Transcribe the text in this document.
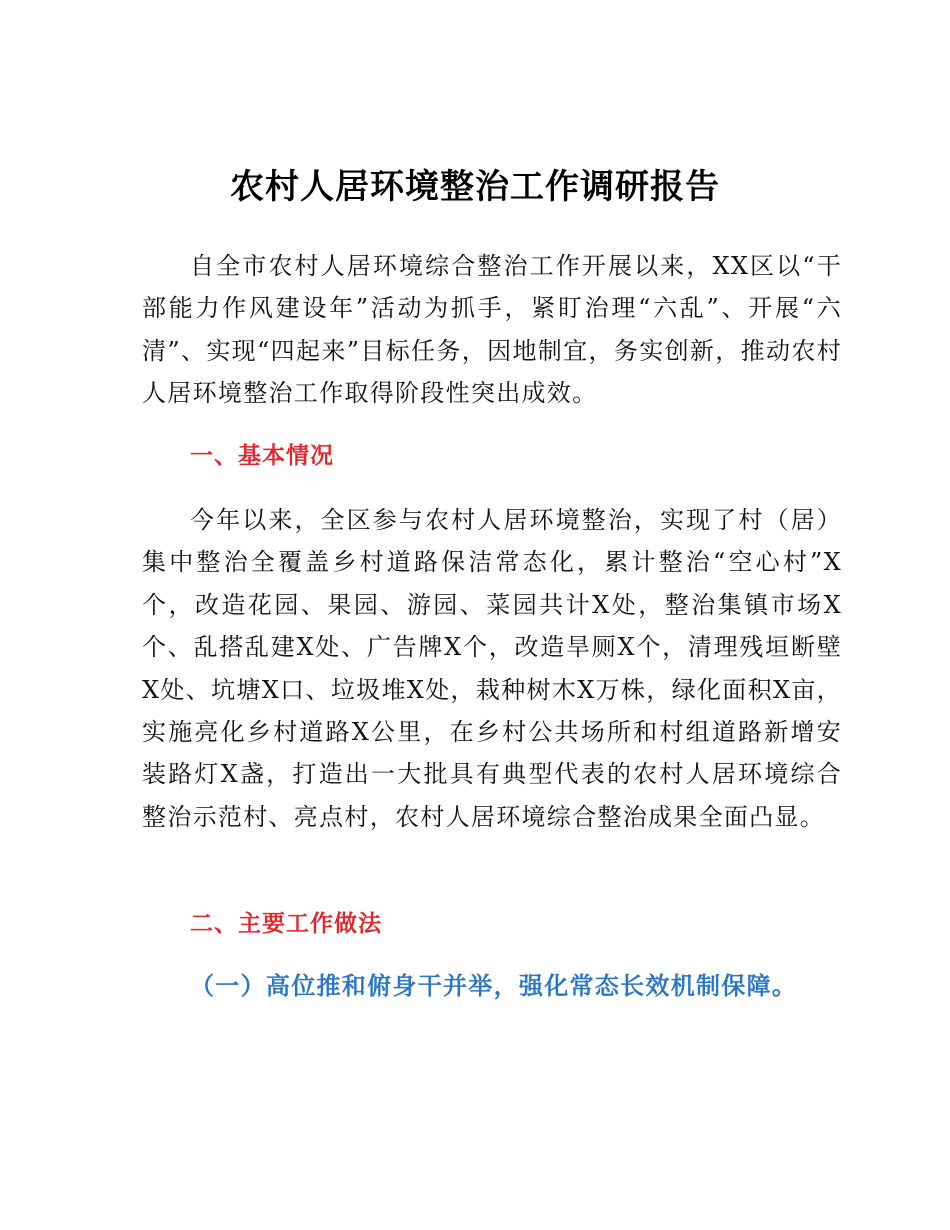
农村人居环境整治工作调研报告

自全市农村人居环境综合整治工作开展以来，XX区以“干部能力作风建设年”活动为抓手，紧盯治理“六乱”、开展“六清”、实现“四起来”目标任务，因地制宜，务实创新，推动农村人居环境整治工作取得阶段性突出成效。

一、基本情况

今年以来，全区参与农村人居环境整治，实现了村（居）集中整治全覆盖乡村道路保洁常态化，累计整治“空心村”X个，改造花园、果园、游园、菜园共计X处，整治集镇市场X个、乱搭乱建X处、广告牌X个，改造旱厕X个，清理残垣断壁X处、坑塘X口、垃圾堆X处，栽种树木X万株，绿化面积X亩，实施亮化乡村道路X公里，在乡村公共场所和村组道路新增安装路灯X盏，打造出一大批具有典型代表的农村人居环境综合整治示范村、亮点村，农村人居环境综合整治成果全面凸显。

二、主要工作做法
（一）高位推和俯身干并举，强化常态长效机制保障。
